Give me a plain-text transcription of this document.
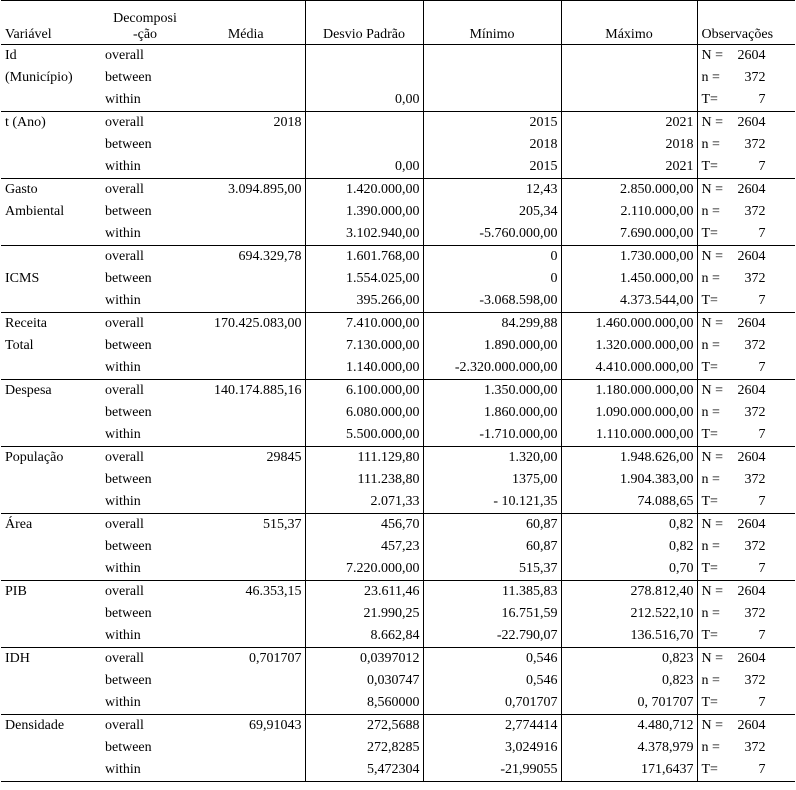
Variável	Decomposi
-ção	Média	Desvio Padrão	Mínimo	Máximo	Observações
Id	overall					N = 2604
(Município)	between					n = 372
	within		0,00			T= 7
t (Ano)	overall	2018		2015	2021	N = 2604
	between			2018	2018	n = 372
	within		0,00	2015	2021	T= 7
Gasto	overall	3.094.895,00	1.420.000,00	12,43	2.850.000,00	N = 2604
Ambiental	between		1.390.000,00	205,34	2.110.000,00	n = 372
	within		3.102.940,00	-5.760.000,00	7.690.000,00	T= 7
	overall	694.329,78	1.601.768,00	0	1.730.000,00	N = 2604
ICMS	between		1.554.025,00	0	1.450.000,00	n = 372
	within		395.266,00	-3.068.598,00	4.373.544,00	T= 7
Receita	overall	170.425.083,00	7.410.000,00	84.299,88	1.460.000.000,00	N = 2604
Total	between		7.130.000,00	1.890.000,00	1.320.000.000,00	n = 372
	within		1.140.000,00	-2.320.000.000,00	4.410.000.000,00	T= 7
Despesa	overall	140.174.885,16	6.100.000,00	1.350.000,00	1.180.000.000,00	N = 2604
	between		6.080.000,00	1.860.000,00	1.090.000.000,00	n = 372
	within		5.500.000,00	-1.710.000,00	1.110.000.000,00	T= 7
População	overall	29845	111.129,80	1.320,00	1.948.626,00	N = 2604
	between		111.238,80	1375,00	1.904.383,00	n = 372
	within		2.071,33	- 10.121,35	74.088,65	T= 7
Área	overall	515,37	456,70	60,87	0,82	N = 2604
	between		457,23	60,87	0,82	n = 372
	within		7.220.000,00	515,37	0,70	T= 7
PIB	overall	46.353,15	23.611,46	11.385,83	278.812,40	N = 2604
	between		21.990,25	16.751,59	212.522,10	n = 372
	within		8.662,84	-22.790,07	136.516,70	T= 7
IDH	overall	0,701707	0,0397012	0,546	0,823	N = 2604
	between		0,030747	0,546	0,823	n = 372
	within		8,560000	0,701707	0, 701707	T= 7
Densidade	overall	69,91043	272,5688	2,774414	4.480,712	N = 2604
	between		272,8285	3,024916	4.378,979	n = 372
	within		5,472304	-21,99055	171,6437	T= 7
